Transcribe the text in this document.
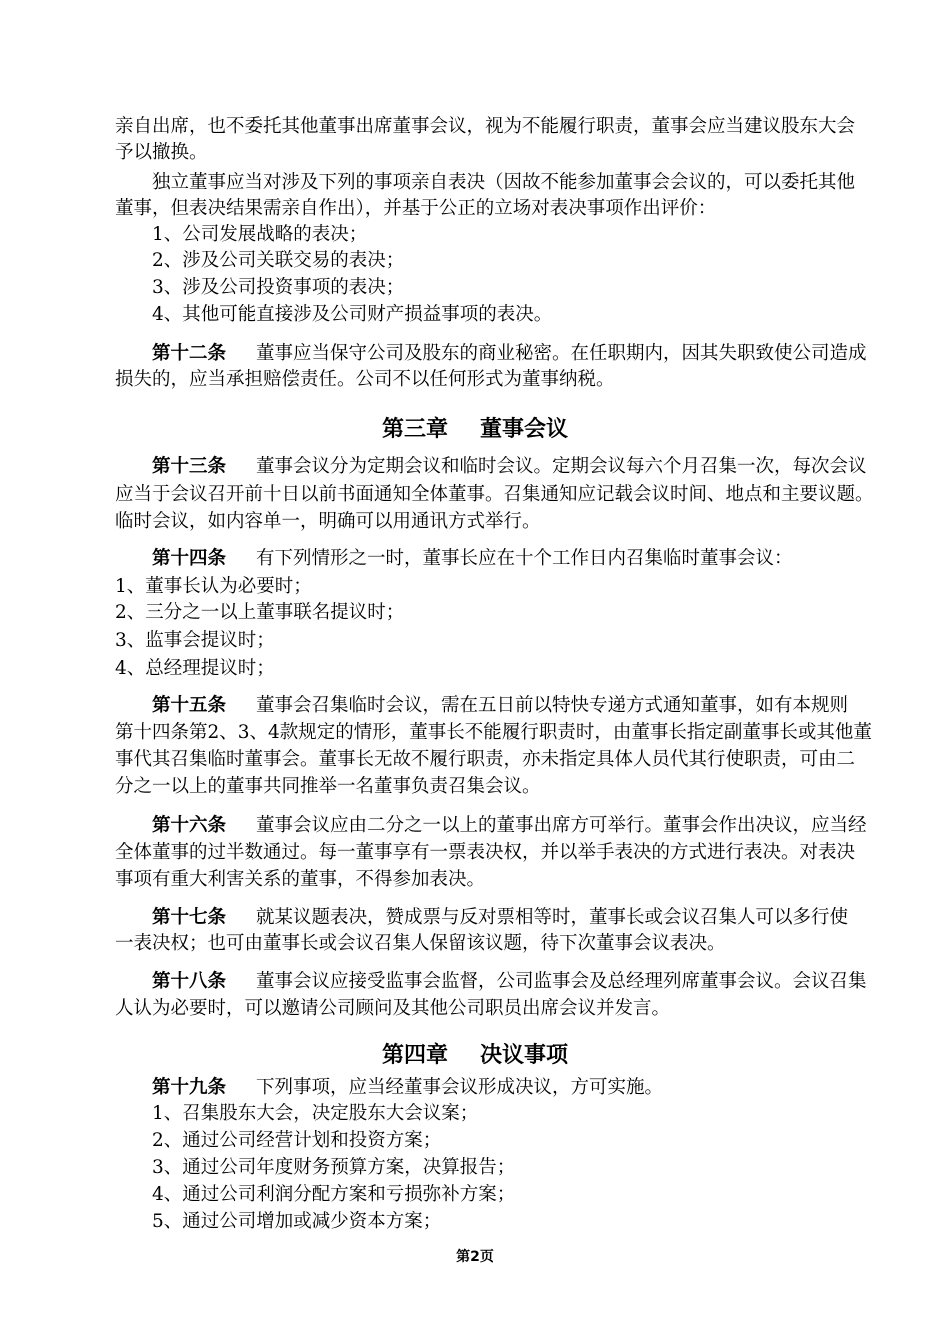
亲自出席，也不委托其他董事出席董事会议，视为不能履行职责，董事会应当建议股东大会
予以撤换。
独立董事应当对涉及下列的事项亲自表决（因故不能参加董事会会议的，可以委托其他
董事，但表决结果需亲自作出），并基于公正的立场对表决事项作出评价：
1、公司发展战略的表决；
2、涉及公司关联交易的表决；
3、涉及公司投资事项的表决；
4、其他可能直接涉及公司财产损益事项的表决。
第十二条 董事应当保守公司及股东的商业秘密。在任职期内，因其失职致使公司造成
损失的，应当承担赔偿责任。公司不以任何形式为董事纳税。
第十三条 董事会议分为定期会议和临时会议。定期会议每六个月召集一次，每次会议
应当于会议召开前十日以前书面通知全体董事。召集通知应记载会议时间、地点和主要议题。
临时会议，如内容单一，明确可以用通讯方式举行。
第十四条 有下列情形之一时，董事长应在十个工作日内召集临时董事会议：
1、董事长认为必要时；
2、三分之一以上董事联名提议时；
3、监事会提议时；
4、总经理提议时；
第十五条 董事会召集临时会议，需在五日前以特快专递方式通知董事，如有本规则
第十四条第2、3、4款规定的情形，董事长不能履行职责时，由董事长指定副董事长或其他董
事代其召集临时董事会。董事长无故不履行职责，亦未指定具体人员代其行使职责，可由二
分之一以上的董事共同推举一名董事负责召集会议。
第十六条 董事会议应由二分之一以上的董事出席方可举行。董事会作出决议，应当经
全体董事的过半数通过。每一董事享有一票表决权，并以举手表决的方式进行表决。对表决
事项有重大利害关系的董事，不得参加表决。
第十七条 就某议题表决，赞成票与反对票相等时，董事长或会议召集人可以多行使
一表决权；也可由董事长或会议召集人保留该议题，待下次董事会议表决。
第十八条 董事会议应接受监事会监督，公司监事会及总经理列席董事会议。会议召集
人认为必要时，可以邀请公司顾问及其他公司职员出席会议并发言。
第十九条 下列事项，应当经董事会议形成决议，方可实施。
1、召集股东大会，决定股东大会议案；
2、通过公司经营计划和投资方案；
3、通过公司年度财务预算方案，决算报告；
4、通过公司利润分配方案和亏损弥补方案；
5、通过公司增加或减少资本方案；
第三章 董事会议
第四章 决议事项
第2页
